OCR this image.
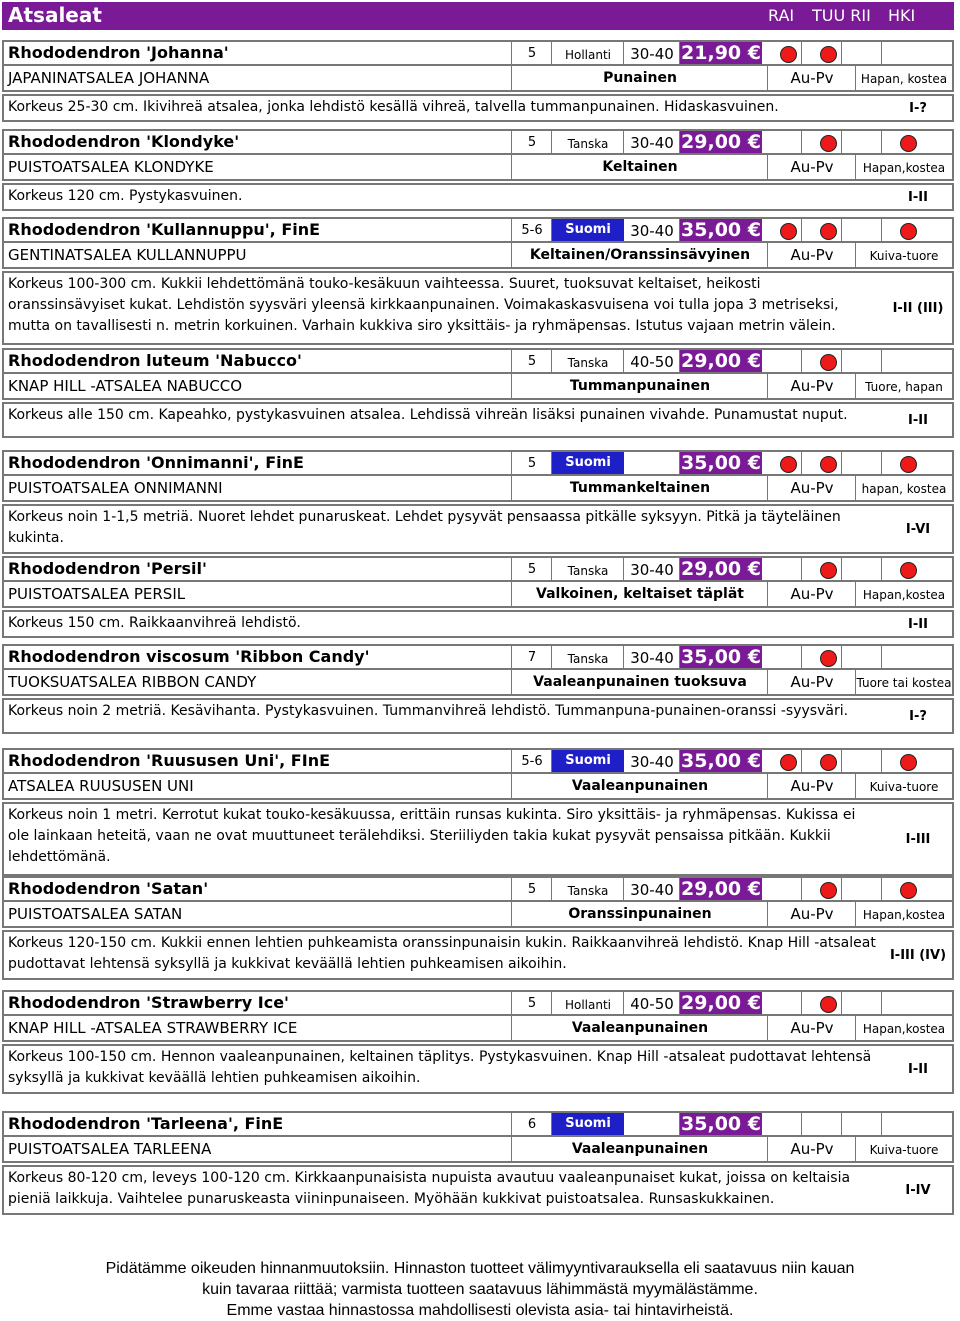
Atsaleat	RAI TUU RII HKI
Rhododendron 'Johanna'	5	Hollanti	30-40 21,90 €
JAPANINATSALEA JOHANNA	Punainen	Au-Pv	Hapan, kostea
Korkeus 25-30 cm. Ikivihreä atsalea, jonka lehdistö kesällä vihreä, talvella tummanpunainen. Hidaskasvuinen.	I-?
Rhododendron 'Klondyke'	5	Tanska	30-40 29,00 €
PUISTOATSALEA KLONDYKE	Keltainen	Au-Pv	Hapan,kostea
Korkeus 120 cm. Pystykasvuinen.	I-II
Rhododendron 'Kullannuppu', FinE	5-6	Suomi	30-40 35,00 €
GENTINATSALEA KULLANNUPPU	Keltainen/Oranssinsävyinen	Au-Pv	Kuiva-tuore
Korkeus 100-300 cm. Kukkii lehdettömänä touko-kesäkuun vaihteessa. Suuret, tuoksuvat keltaiset, heikosti oranssinsävyiset kukat. Lehdistön syysväri yleensä kirkkaanpunainen. Voimakaskasvuisena voi tulla jopa 3 metriseksi, mutta on tavallisesti n. metrin korkuinen. Varhain kukkiva siro yksittäis- ja ryhmäpensas. Istutus vajaan metrin välein.
I-II (III)
Rhododendron luteum 'Nabucco'	5	Tanska	40-50 29,00 €
KNAP HILL -ATSALEA NABUCCO	Tummanpunainen	Au-Pv	Tuore, hapan
Korkeus alle 150 cm. Kapeahko, pystykasvuinen atsalea. Lehdissä vihreän lisäksi punainen vivahde. Punamustat nuput.	I-II
Rhododendron 'Onnimanni', FinE	5	Suomi	35,00 €
PUISTOATSALEA ONNIMANNI	Tummankeltainen	Au-Pv	hapan, kostea
Korkeus noin 1-1,5 metriä. Nuoret lehdet punaruskeat. Lehdet pysyvät pensaassa pitkälle syksyyn. Pitkä ja täyteläinen kukinta.
I-VI
Rhododendron 'Persil'	5	Tanska	30-40 29,00 €
PUISTOATSALEA PERSIL	Valkoinen, keltaiset täplät	Au-Pv	Hapan,kostea
Korkeus 150 cm. Raikkaanvihreä lehdistö.	I-II
Rhododendron viscosum 'Ribbon Candy'	7	Tanska	30-40 35,00 €
TUOKSUATSALEA RIBBON CANDY	Vaaleanpunainen tuoksuva	Au-Pv	Tuore tai kostea
Korkeus noin 2 metriä. Kesävihanta. Pystykasvuinen. Tummanvihreä lehdistö. Tummanpuna-punainen-oranssi -syysväri.	I-?
Rhododendron 'Ruususen Uni', FInE	5-6	Suomi	30-40 35,00 €
ATSALEA RUUSUSEN UNI	Vaaleanpunainen	Au-Pv	Kuiva-tuore
Korkeus noin 1 metri. Kerrotut kukat touko-kesäkuussa, erittäin runsas kukinta. Siro yksittäis- ja ryhmäpensas. Kukissa ei ole lainkaan heteitä, vaan ne ovat muuttuneet terälehdiksi. Steriiliyden takia kukat pysyvät pensaissa pitkään. Kukkii lehdettömänä.
I-III
Rhododendron 'Satan'	5	Tanska	30-40 29,00 €
PUISTOATSALEA SATAN	Oranssinpunainen	Au-Pv	Hapan,kostea
Korkeus 120-150 cm. Kukkii ennen lehtien puhkeamista oranssinpunaisin kukin. Raikkaanvihreä lehdistö. Knap Hill -atsaleat pudottavat lehtensä syksyllä ja kukkivat keväällä lehtien puhkeamisen aikoihin.
I-III (IV)
Rhododendron 'Strawberry Ice'	5	Hollanti	40-50 29,00 €
KNAP HILL -ATSALEA STRAWBERRY ICE	Vaaleanpunainen	Au-Pv	Hapan,kostea
Korkeus 100-150 cm. Hennon vaaleanpunainen, keltainen täplitys. Pystykasvuinen. Knap Hill -atsaleat pudottavat lehtensä syksyllä ja kukkivat keväällä lehtien puhkeamisen aikoihin.
I-II
Rhododendron 'Tarleena', FinE	6	Suomi	35,00 €
PUISTOATSALEA TARLEENA	Vaaleanpunainen	Au-Pv	Kuiva-tuore
Korkeus 80-120 cm, leveys 100-120 cm. Kirkkaanpunaisista nupuista avautuu vaaleanpunaiset kukat, joissa on keltaisia pieniä laikkuja. Vaihtelee punaruskeasta viininpunaiseen. Myöhään kukkivat puistoatsalea. Runsaskukkainen.
I-IV
Pidätämme oikeuden hinnanmuutoksiin. Hinnaston tuotteet välimyyntivarauksella eli saatavuus niin kauan
kuin tavaraa riittää; varmista tuotteen saatavuus lähimmästä myymälästämme.
Emme vastaa hinnastossa mahdollisesti olevista asia- tai hintavirheistä.
